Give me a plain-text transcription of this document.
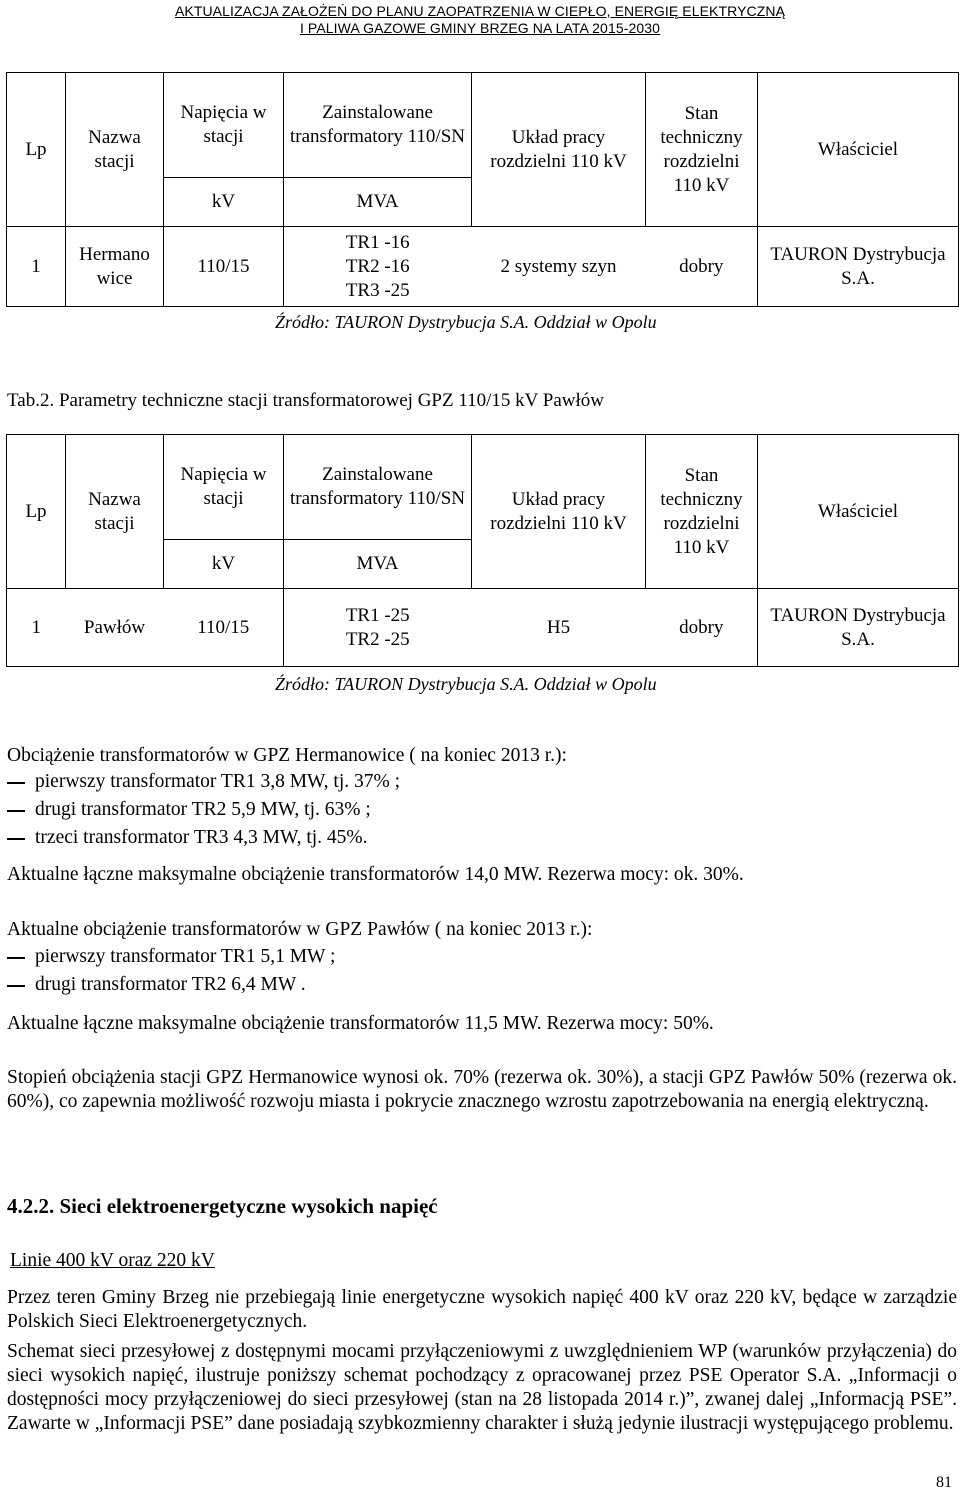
AKTUALIZACJA ZAŁOŻEŃ DO PLANU ZAOPATRZENIA W CIEPŁO, ENERGIĘ ELEKTRYCZNĄ
I PALIWA GAZOWE GMINY BRZEG NA LATA 2015-2030
Lp	Nazwa stacji	Napięcia w stacji	Zainstalowane transformatory 110/SN	Układ pracy rozdzielni 110 kV	Stan techniczny rozdzielni 110 kV	Właściciel
		kV	MVA			
1	Hermano wice	110/15	TR1 -16
TR2 -16
TR3 -25	2 systemy szyn	dobry	TAURON Dystrybucja S.A.
Źródło: TAURON Dystrybucja S.A. Oddział w Opolu
Tab.2. Parametry techniczne stacji transformatorowej GPZ 110/15 kV Pawłów
Lp	Nazwa stacji	Napięcia w stacji	Zainstalowane transformatory 110/SN	Układ pracy rozdzielni 110 kV	Stan techniczny rozdzielni 110 kV	Właściciel
		kV	MVA			
1	Pawłów	110/15	TR1 -25
TR2 -25	H5	dobry	TAURON Dystrybucja S.A.
Źródło: TAURON Dystrybucja S.A. Oddział w Opolu
Obciążenie transformatorów w GPZ Hermanowice ( na koniec 2013 r.):
pierwszy transformator TR1 3,8 MW, tj. 37% ;
drugi transformator TR2 5,9 MW, tj. 63% ;
trzeci transformator TR3 4,3 MW, tj. 45%.
Aktualne łączne maksymalne obciążenie transformatorów 14,0 MW. Rezerwa mocy: ok. 30%.
Aktualne obciążenie transformatorów w GPZ Pawłów ( na koniec 2013 r.):
pierwszy transformator TR1 5,1 MW ;
drugi transformator TR2 6,4 MW .
Aktualne łączne maksymalne obciążenie transformatorów 11,5 MW. Rezerwa mocy: 50%.
Stopień obciążenia stacji GPZ Hermanowice wynosi ok. 70% (rezerwa ok. 30%), a stacji GPZ Pawłów 50% (rezerwa ok. 60%), co zapewnia możliwość rozwoju miasta i pokrycie znacznego wzrostu zapotrzebowania na energią elektryczną.
4.2.2. Sieci elektroenergetyczne wysokich napięć
Linie 400 kV oraz 220 kV
Przez teren Gminy Brzeg nie przebiegają linie energetyczne wysokich napięć 400 kV oraz 220 kV, będące w zarządzie Polskich Sieci Elektroenergetycznych.
Schemat sieci przesyłowej z dostępnymi mocami przyłączeniowymi z uwzględnieniem WP (warunków przyłączenia) do sieci wysokich napięć, ilustruje poniższy schemat pochodzący z opracowanej przez PSE Operator S.A. „Informacji o dostępności mocy przyłączeniowej do sieci przesyłowej (stan na 28 listopada 2014 r.)”, zwanej dalej „Informacją PSE”. Zawarte w „Informacji PSE” dane posiadają szybkozmienny charakter i służą jedynie ilustracji występującego problemu.
81
